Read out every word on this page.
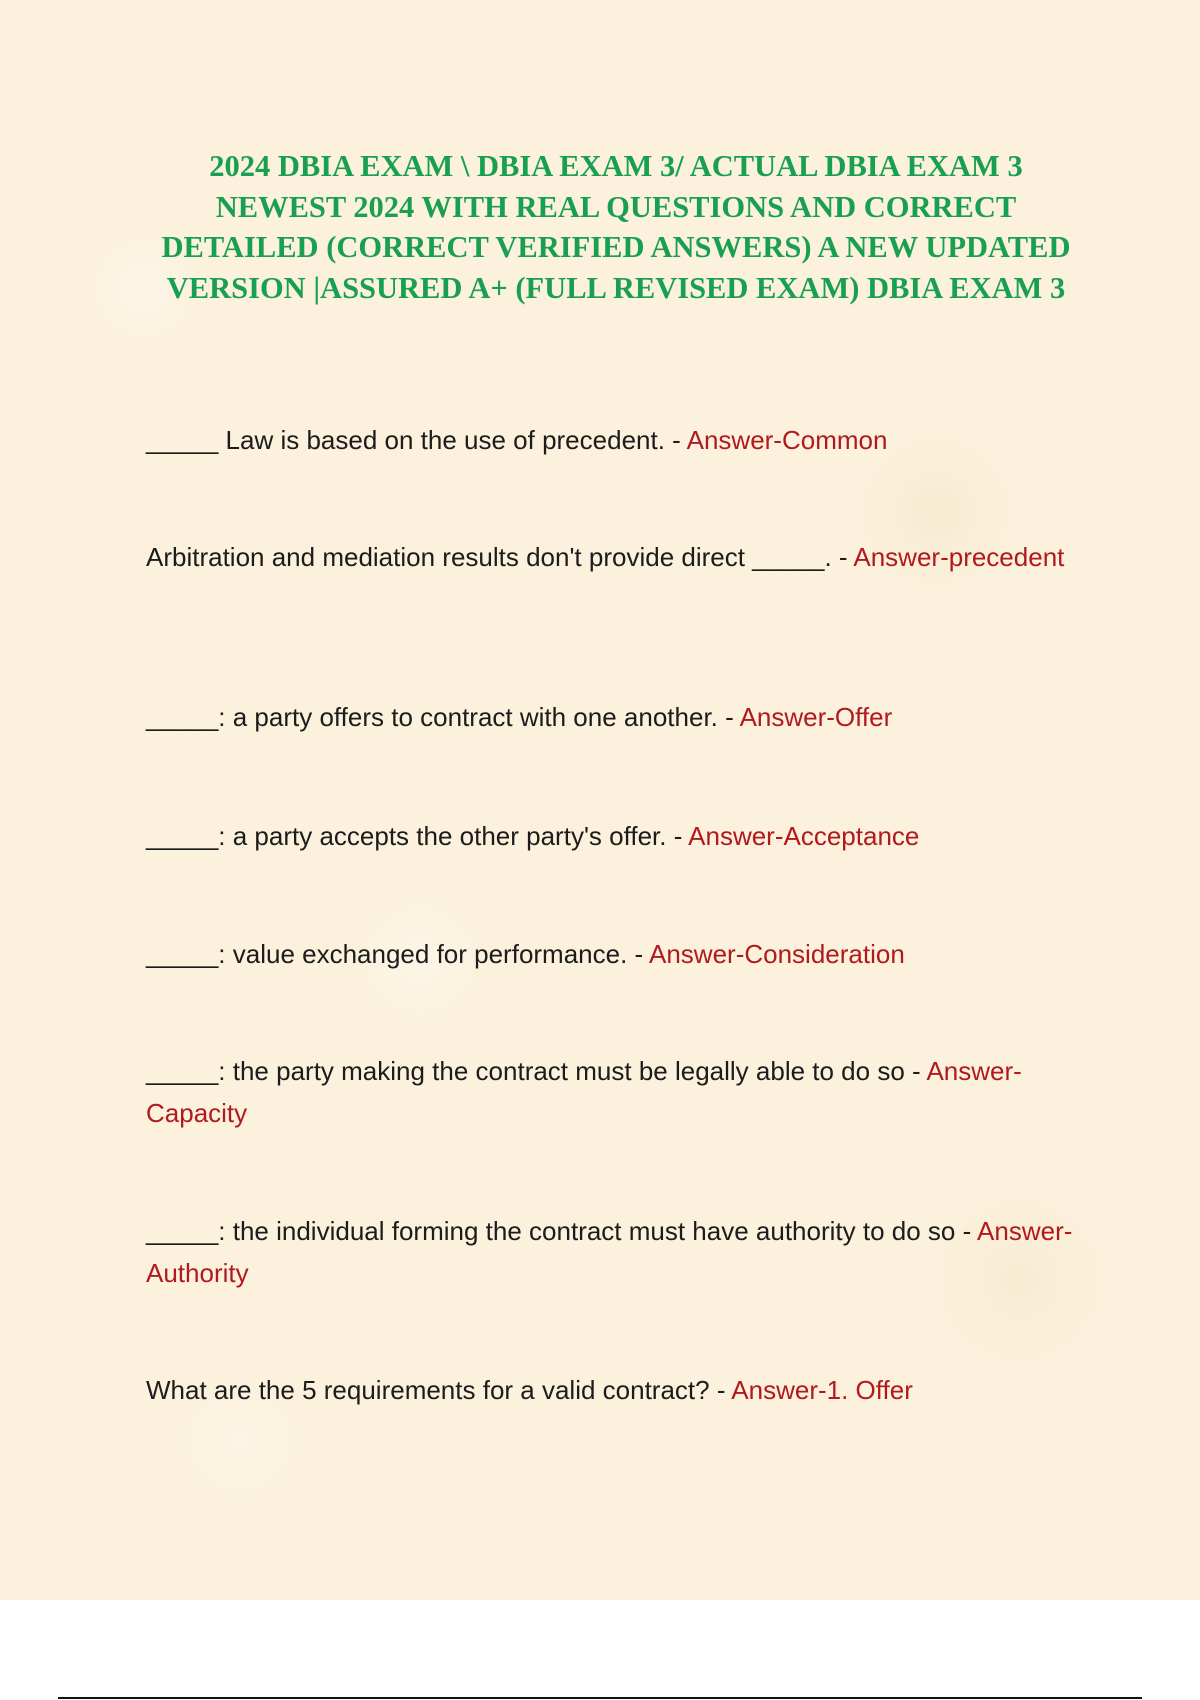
2024 DBIA EXAM \ DBIA EXAM 3/ ACTUAL DBIA EXAM 3 NEWEST 2024 WITH REAL QUESTIONS AND CORRECT DETAILED (CORRECT VERIFIED ANSWERS) A NEW UPDATED VERSION |ASSURED A+ (FULL REVISED EXAM) DBIA EXAM 3

_____ Law is based on the use of precedent. - Answer-Common

Arbitration and mediation results don't provide direct _____. - Answer-precedent

_____: a party offers to contract with one another. - Answer-Offer

_____: a party accepts the other party's offer. - Answer-Acceptance

_____: value exchanged for performance. - Answer-Consideration

_____: the party making the contract must be legally able to do so - Answer-Capacity

_____: the individual forming the contract must have authority to do so - Answer-Authority

What are the 5 requirements for a valid contract? - Answer-1. Offer
